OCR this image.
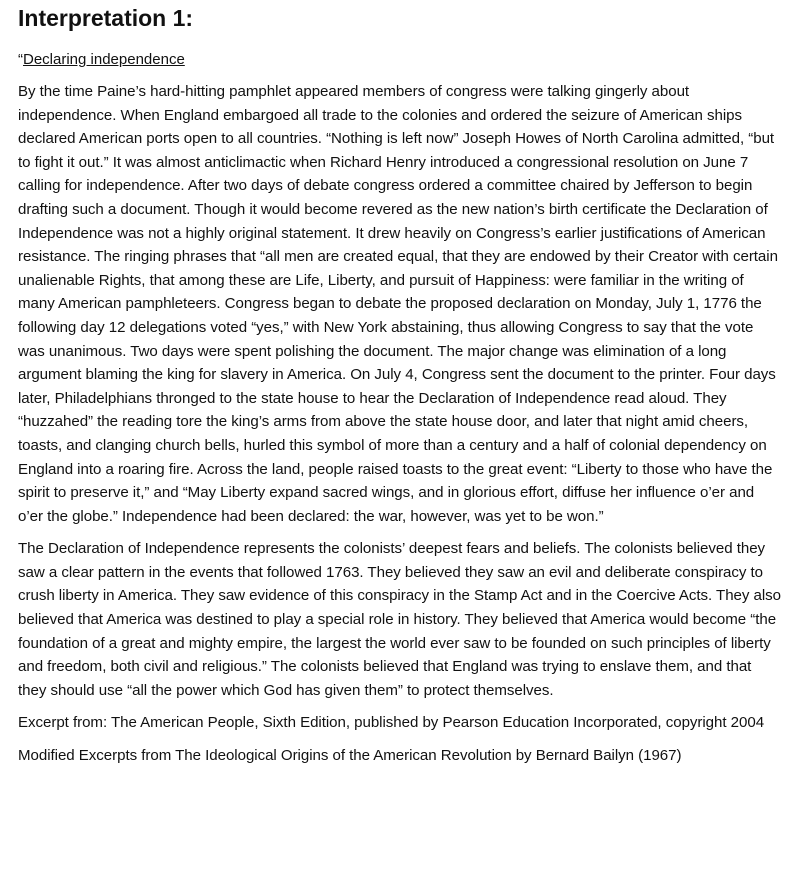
Interpretation 1:
“Declaring independence

By the time Paine’s hard-hitting pamphlet appeared members of congress were talking gingerly about independence. When England embargoed all trade to the colonies and ordered the seizure of American ships declared American ports open to all countries. “Nothing is left now” Joseph Howes of North Carolina admitted, “but to fight it out.” It was almost anticlimactic when Richard Henry introduced a congressional resolution on June 7 calling for independence. After two days of debate congress ordered a committee chaired by Jefferson to begin drafting such a document. Though it would become revered as the new nation’s birth certificate the Declaration of Independence was not a highly original statement. It drew heavily on Congress’s earlier justifications of American resistance. The ringing phrases that “all men are created equal, that they are endowed by their Creator with certain unalienable Rights, that among these are Life, Liberty, and pursuit of Happiness: were familiar in the writing of many American pamphleteers. Congress began to debate the proposed declaration on Monday, July 1, 1776 the following day 12 delegations voted “yes,” with New York abstaining, thus allowing Congress to say that the vote was unanimous. Two days were spent polishing the document. The major change was elimination of a long argument blaming the king for slavery in America. On July 4, Congress sent the document to the printer. Four days later, Philadelphians thronged to the state house to hear the Declaration of Independence read aloud. They “huzzahed” the reading tore the king’s arms from above the state house door, and later that night amid cheers, toasts, and clanging church bells, hurled this symbol of more than a century and a half of colonial dependency on England into a roaring fire. Across the land, people raised toasts to the great event: “Liberty to those who have the spirit to preserve it,” and “May Liberty expand sacred wings, and in glorious effort, diffuse her influence o’er and o’er the globe.” Independence had been declared: the war, however, was yet to be won.”

The Declaration of Independence represents the colonists’ deepest fears and beliefs. The colonists believed they saw a clear pattern in the events that followed 1763. They believed they saw an evil and deliberate conspiracy to crush liberty in America. They saw evidence of this conspiracy in the Stamp Act and in the Coercive Acts. They also believed that America was destined to play a special role in history. They believed that America would become “the foundation of a great and mighty empire, the largest the world ever saw to be founded on such principles of liberty and freedom, both civil and religious.” The colonists believed that England was trying to enslave them, and that they should use “all the power which God has given them” to protect themselves.

Excerpt from: The American People, Sixth Edition, published by Pearson Education Incorporated, copyright 2004

Modified Excerpts from The Ideological Origins of the American Revolution by Bernard Bailyn (1967)
